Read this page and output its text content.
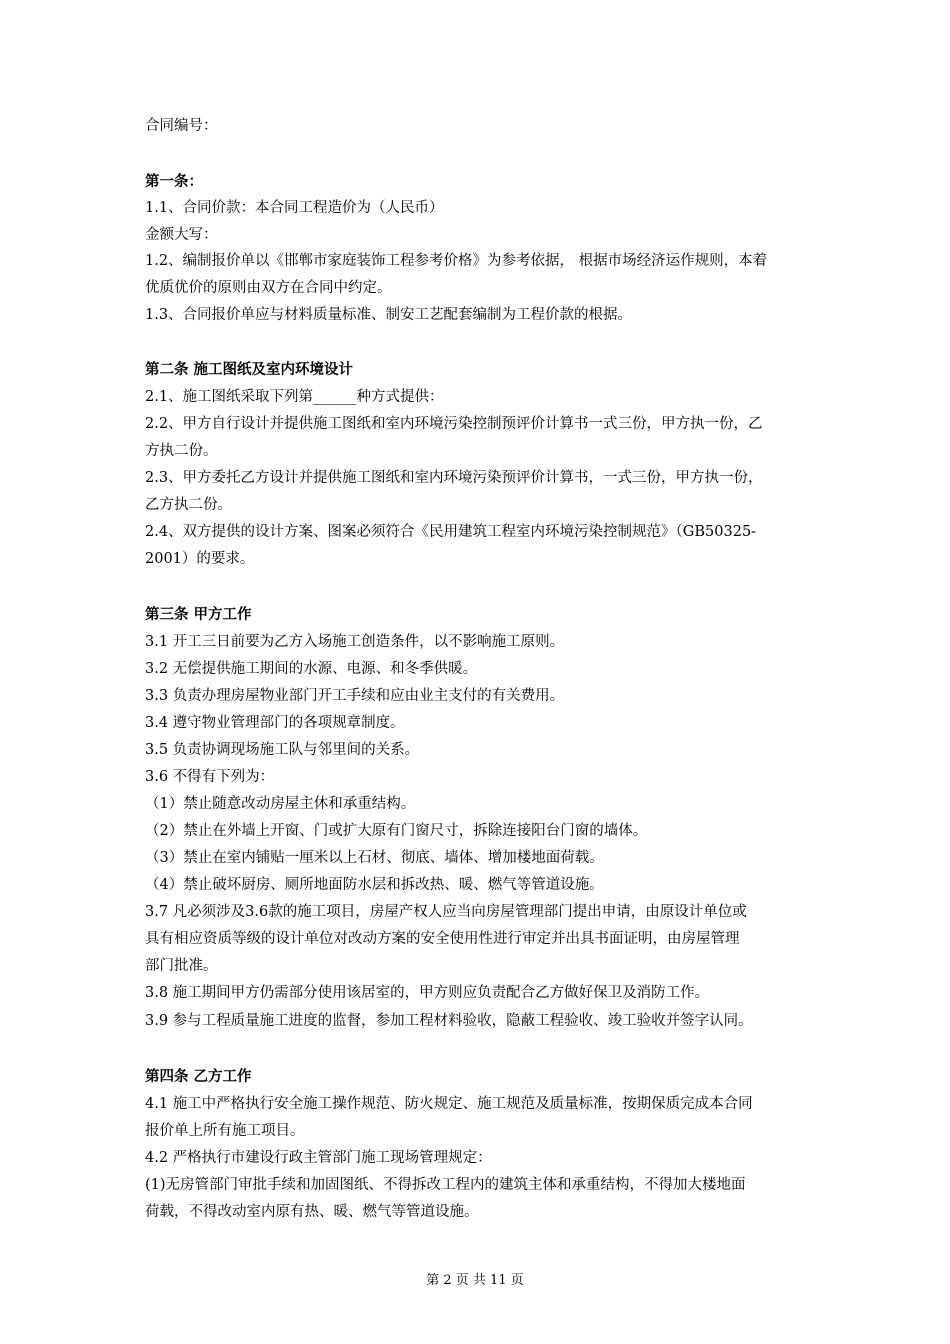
合同编号：
第一条：
1.1、合同价款：本合同工程造价为（人民币）
金额大写：
1.2、编制报价单以《邯郸市家庭装饰工程参考价格》为参考依据， 根据市场经济运作规则，本着
优质优价的原则由双方在合同中约定。
1.3、合同报价单应与材料质量标准、制安工艺配套编制为工程价款的根据。
第二条 施工图纸及室内环境设计
2.1、施工图纸采取下列第______种方式提供：
2.2、甲方自行设计并提供施工图纸和室内环境污染控制预评价计算书一式三份，甲方执一份，乙
方执二份。
2.3、甲方委托乙方设计并提供施工图纸和室内环境污染预评价计算书，一式三份，甲方执一份，
乙方执二份。
2.4、双方提供的设计方案、图案必须符合《民用建筑工程室内环境污染控制规范》（GB50325-
2001）的要求。
第三条 甲方工作
3.1 开工三日前要为乙方入场施工创造条件，以不影响施工原则。
3.2 无偿提供施工期间的水源、电源、和冬季供暖。
3.3 负责办理房屋物业部门开工手续和应由业主支付的有关费用。
3.4 遵守物业管理部门的各项规章制度。
3.5 负责协调现场施工队与邻里间的关系。
3.6 不得有下列为：
（1）禁止随意改动房屋主休和承重结构。
（2）禁止在外墙上开窗、门或扩大原有门窗尺寸，拆除连接阳台门窗的墙体。
（3）禁止在室内铺贴一厘米以上石材、彻底、墙体、增加楼地面荷载。
（4）禁止破坏厨房、厕所地面防水层和拆改热、暖、燃气等管道设施。
3.7 凡必须涉及3.6款的施工项目，房屋产权人应当向房屋管理部门提出申请，由原设计单位或
具有相应资质等级的设计单位对改动方案的安全使用性进行审定并出具书面证明，由房屋管理
部门批准。
3.8 施工期间甲方仍需部分使用该居室的，甲方则应负责配合乙方做好保卫及消防工作。
3.9 参与工程质量施工进度的监督，参加工程材料验收，隐蔽工程验收、竣工验收并签字认同。
第四条 乙方工作
4.1 施工中严格执行安全施工操作规范、防火规定、施工规范及质量标准，按期保质完成本合同
报价单上所有施工项目。
4.2 严格执行市建设行政主管部门施工现场管理规定：
(1)无房管部门审批手续和加固图纸、不得拆改工程内的建筑主体和承重结构，不得加大楼地面
荷载，不得改动室内原有热、暖、燃气等管道设施。
第 2 页 共 11 页
